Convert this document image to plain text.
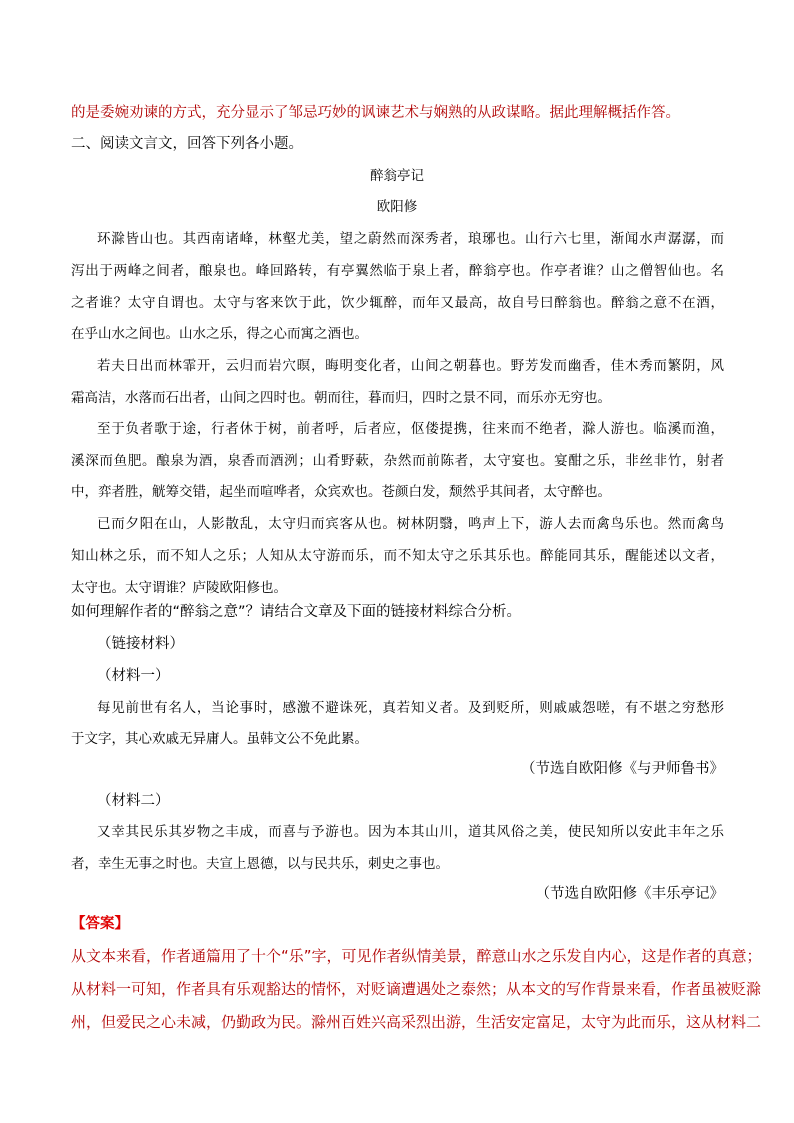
的是委婉劝谏的方式，充分显示了邹忌巧妙的讽谏艺术与娴熟的从政谋略。据此理解概括作答。
二、阅读文言文，回答下列各小题。
醉翁亭记
欧阳修
环滁皆山也。其西南诸峰，林壑尤美，望之蔚然而深秀者，琅琊也。山行六七里，渐闻水声潺潺，而
泻出于两峰之间者，酿泉也。峰回路转，有亭翼然临于泉上者，醉翁亭也。作亭者谁？山之僧智仙也。名
之者谁？太守自谓也。太守与客来饮于此，饮少辄醉，而年又最高，故自号曰醉翁也。醉翁之意不在酒，
在乎山水之间也。山水之乐，得之心而寓之酒也。
若夫日出而林霏开，云归而岩穴暝，晦明变化者，山间之朝暮也。野芳发而幽香，佳木秀而繁阴，风
霜高洁，水落而石出者，山间之四时也。朝而往，暮而归，四时之景不同，而乐亦无穷也。
至于负者歌于途，行者休于树，前者呼，后者应，伛偻提携，往来而不绝者，滁人游也。临溪而渔，
溪深而鱼肥。酿泉为酒，泉香而酒洌；山肴野蔌，杂然而前陈者，太守宴也。宴酣之乐，非丝非竹，射者
中，弈者胜，觥筹交错，起坐而喧哗者，众宾欢也。苍颜白发，颓然乎其间者，太守醉也。
已而夕阳在山，人影散乱，太守归而宾客从也。树林阴翳，鸣声上下，游人去而禽鸟乐也。然而禽鸟
知山林之乐，而不知人之乐；人知从太守游而乐，而不知太守之乐其乐也。醉能同其乐，醒能述以文者，
太守也。太守谓谁？庐陵欧阳修也。
如何理解作者的“醉翁之意”？请结合文章及下面的链接材料综合分析。
（链接材料）
（材料一）
每见前世有名人，当论事时，感激不避诛死，真若知义者。及到贬所，则戚戚怨嗟，有不堪之穷愁形
于文字，其心欢戚无异庸人。虽韩文公不免此累。
（节选自欧阳修《与尹师鲁书》
（材料二）
又幸其民乐其岁物之丰成，而喜与予游也。因为本其山川，道其风俗之美，使民知所以安此丰年之乐
者，幸生无事之时也。夫宣上恩德，以与民共乐，刺史之事也。
（节选自欧阳修《丰乐亭记》
【答案】
从文本来看，作者通篇用了十个“乐”字，可见作者纵情美景，醉意山水之乐发自内心，这是作者的真意；
从材料一可知，作者具有乐观豁达的情怀，对贬谪遭遇处之泰然；从本文的写作背景来看，作者虽被贬滁
州，但爱民之心未减，仍勤政为民。滁州百姓兴高采烈出游，生活安定富足，太守为此而乐，这从材料二
